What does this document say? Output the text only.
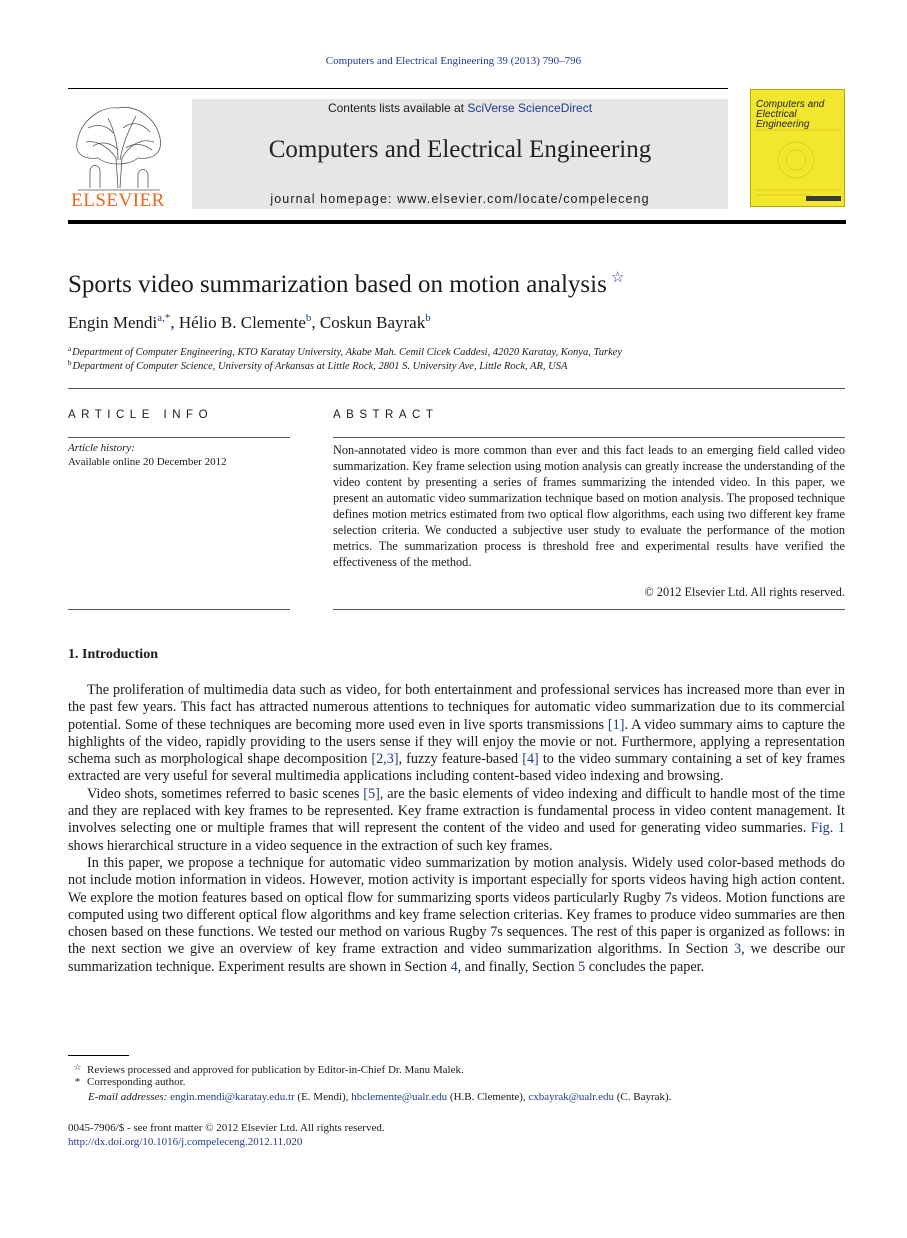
Computers and Electrical Engineering 39 (2013) 790–796
ELSEVIER
Contents lists available at SciVerse ScienceDirect
Computers and Electrical Engineering
journal homepage: www.elsevier.com/locate/compeleceng
Computers and Electrical Engineering
Sports video summarization based on motion analysis ☆
Engin Mendi$^{a,*}$, Hélio B. Clemente$^b$, Coskun Bayrak$^b$
$^a$Department of Computer Engineering, KTO Karatay University, Akabe Mah. Cemil Cicek Caddesi, 42020 Karatay, Konya, Turkey
$^b$Department of Computer Science, University of Arkansas at Little Rock, 2801 S. University Ave, Little Rock, AR, USA
ARTICLE INFO
Article history:
Available online 20 December 2012
ABSTRACT
Non-annotated video is more common than ever and this fact leads to an emerging field called video summarization. Key frame selection using motion analysis can greatly increase the understanding of the video content by presenting a series of frames summarizing the intended video. In this paper, we present an automatic video summarization technique based on motion analysis. The proposed technique defines motion metrics estimated from two optical flow algorithms, each using two different key frame selection criteria. We conducted a subjective user study to evaluate the performance of the motion metrics. The summarization process is threshold free and experimental results have verified the effectiveness of the method.
© 2012 Elsevier Ltd. All rights reserved.
1. Introduction

The proliferation of multimedia data such as video, for both entertainment and professional services has increased more than ever in the past few years. This fact has attracted numerous attentions to techniques for automatic video summarization due to its commercial potential. Some of these techniques are becoming more used even in live sports transmissions [1]. A video summary aims to capture the highlights of the video, rapidly providing to the users sense if they will enjoy the movie or not. Furthermore, applying a representation schema such as morphological shape decomposition [2,3], fuzzy feature-based [4] to the video summary containing a set of key frames extracted are very useful for several multimedia applications including content-based video indexing and browsing.

Video shots, sometimes referred to basic scenes [5], are the basic elements of video indexing and difficult to handle most of the time and they are replaced with key frames to be represented. Key frame extraction is fundamental process in video content management. It involves selecting one or multiple frames that will represent the content of the video and used for generating video summaries. Fig. 1 shows hierarchical structure in a video sequence in the extraction of such key frames.

In this paper, we propose a technique for automatic video summarization by motion analysis. Widely used color-based methods do not include motion information in videos. However, motion activity is important especially for sports videos having high action content. We explore the motion features based on optical flow for summarizing sports videos particularly Rugby 7s videos. Motion functions are computed using two different optical flow algorithms and key frame selection criterias. Key frames to produce video summaries are then chosen based on these functions. We tested our method on various Rugby 7s sequences. The rest of this paper is organized as follows: in the next section we give an overview of key frame extraction and video summarization algorithms. In Section 3, we describe our summarization technique. Experiment results are shown in Section 4, and finally, Section 5 concludes the paper.

☆ Reviews processed and approved for publication by Editor-in-Chief Dr. Manu Malek.
* Corresponding author.
E-mail addresses: engin.mendi@karatay.edu.tr (E. Mendi), hbclemente@ualr.edu (H.B. Clemente), cxbayrak@ualr.edu (C. Bayrak).
0045-7906/$ - see front matter © 2012 Elsevier Ltd. All rights reserved.
http://dx.doi.org/10.1016/j.compeleceng.2012.11.020
